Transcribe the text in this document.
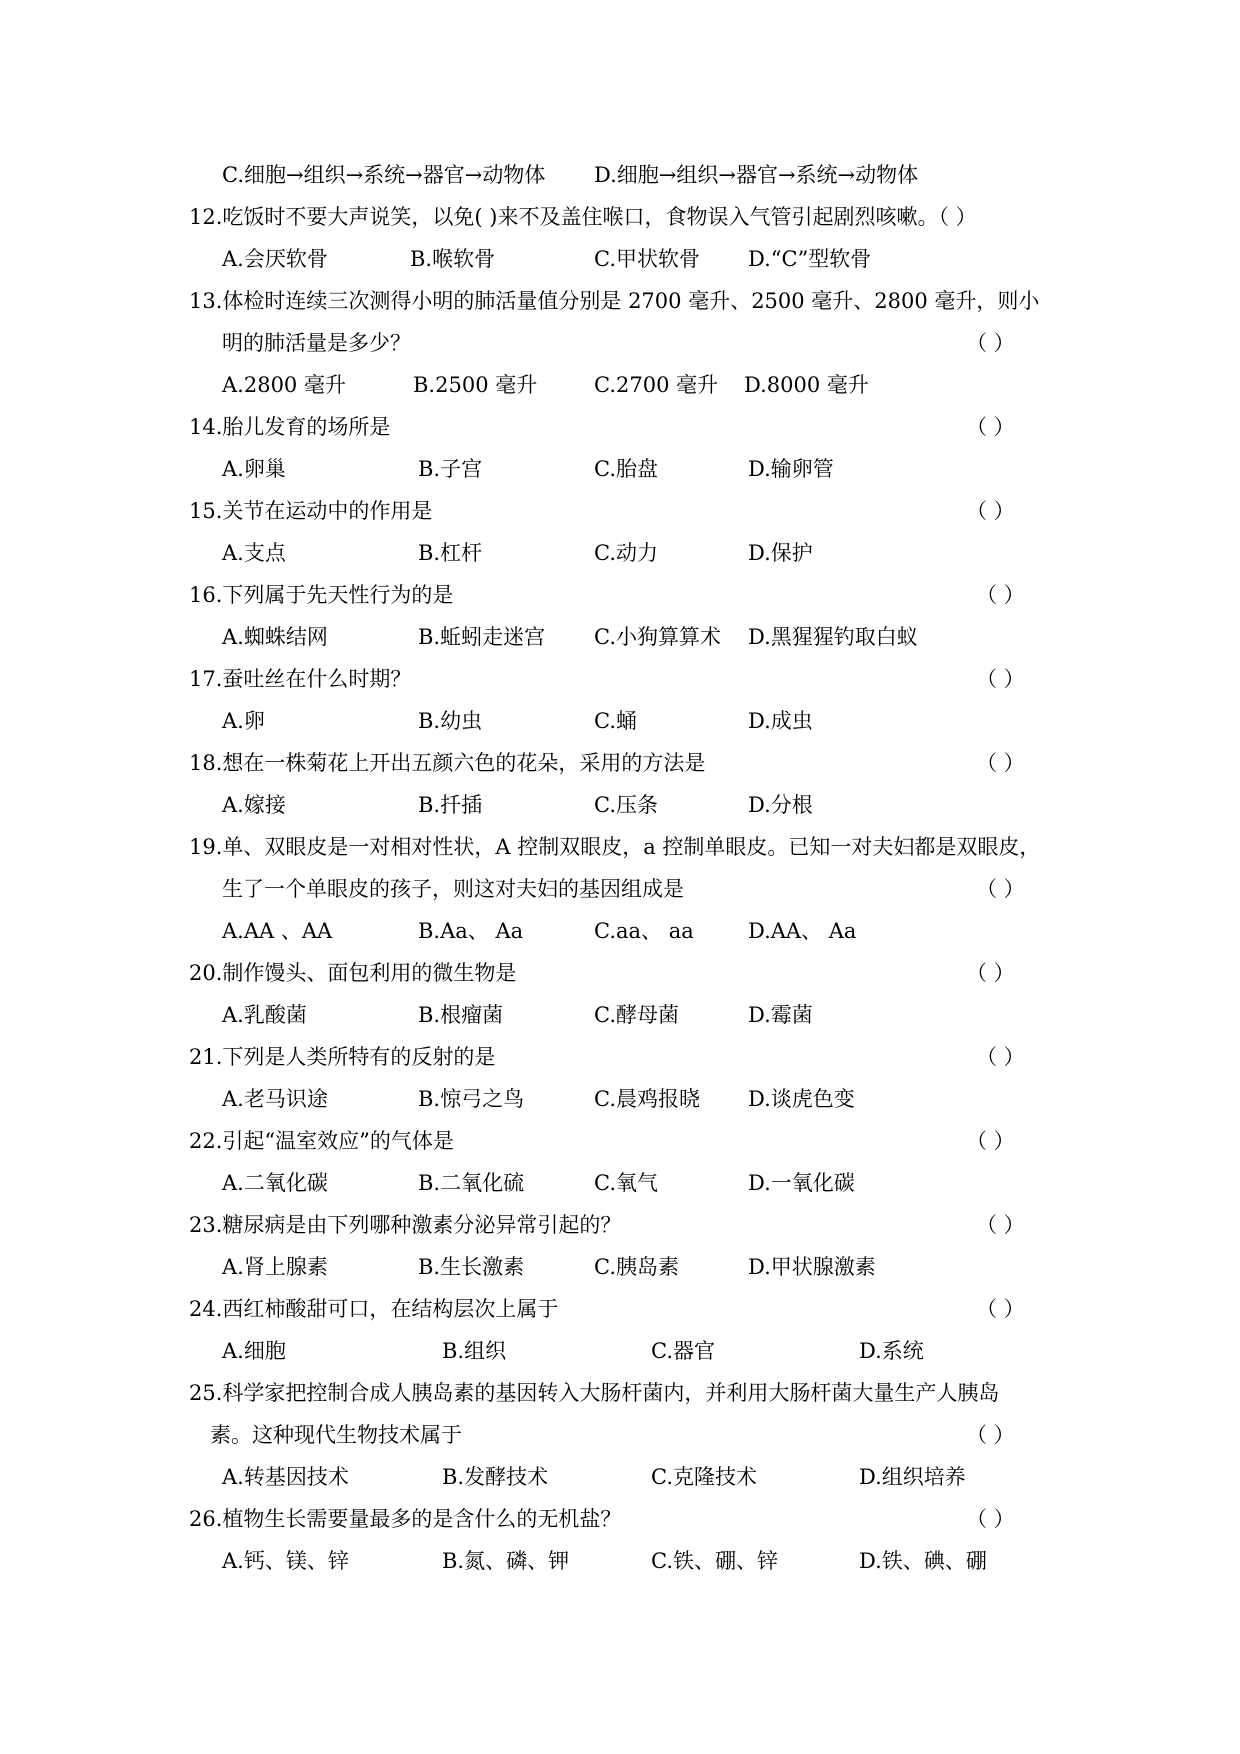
C.细胞→组织→系统→器官→动物体 D.细胞→组织→器官→系统→动物体
12.吃饭时不要大声说笑，以免( )来不及盖住喉口，食物误入气管引起剧烈咳嗽。（ ）
A.会厌软骨	B.喉软骨	C.甲状软骨 D.“C”型软骨
13.体检时连续三次测得小明的肺活量值分别是 2700 毫升、2500 毫升、2800 毫升，则小
明的肺活量是多少？	（ ）
A.2800 毫升	B.2500 毫升	C.2700 毫升 D.8000 毫升
14.胎儿发育的场所是	（ ）
A.卵巢	B.子宫	C.胎盘	D.输卵管
15.关节在运动中的作用是	（ ）
A.支点	B.杠杆	C.动力	D.保护
16.下列属于先天性行为的是	（ ）
A.蜘蛛结网	B.蚯蚓走迷宫 C.小狗算算术 D.黑猩猩钓取白蚁
17.蚕吐丝在什么时期？	（ ）
A.卵	B.幼虫	C.蛹	D.成虫
18.想在一株菊花上开出五颜六色的花朵，采用的方法是	（ ）
A.嫁接	B.扦插	C.压条	D.分根
19.单、双眼皮是一对相对性状，A 控制双眼皮，a 控制单眼皮。已知一对夫妇都是双眼皮，
生了一个单眼皮的孩子，则这对夫妇的基因组成是	（ ）
A.AA 、AA	B.Aa、 Aa	C.aa、 aa	D.AA、 Aa
20.制作馒头、面包利用的微生物是	（ ）
A.乳酸菌	B.根瘤菌	C.酵母菌	D.霉菌
21.下列是人类所特有的反射的是	（ ）
A.老马识途	B.惊弓之鸟	C.晨鸡报晓 D.谈虎色变
22.引起“温室效应”的气体是	（ ）
A.二氧化碳	B.二氧化硫	C.氧气	D.一氧化碳
23.糖尿病是由下列哪种激素分泌异常引起的？	（ ）
A.肾上腺素	B.生长激素	C.胰岛素	D.甲状腺激素
24.西红柿酸甜可口，在结构层次上属于	（ ）
A.细胞	B.组织	C.器官	D.系统
25.科学家把控制合成人胰岛素的基因转入大肠杆菌内，并利用大肠杆菌大量生产人胰岛
素。这种现代生物技术属于	（ ）
A.转基因技术	B.发酵技术	C.克隆技术	D.组织培养
26.植物生长需要量最多的是含什么的无机盐？	（ ）
A.钙、镁、锌	B.氮、磷、钾	C.铁、硼、锌	D.铁、碘、硼
